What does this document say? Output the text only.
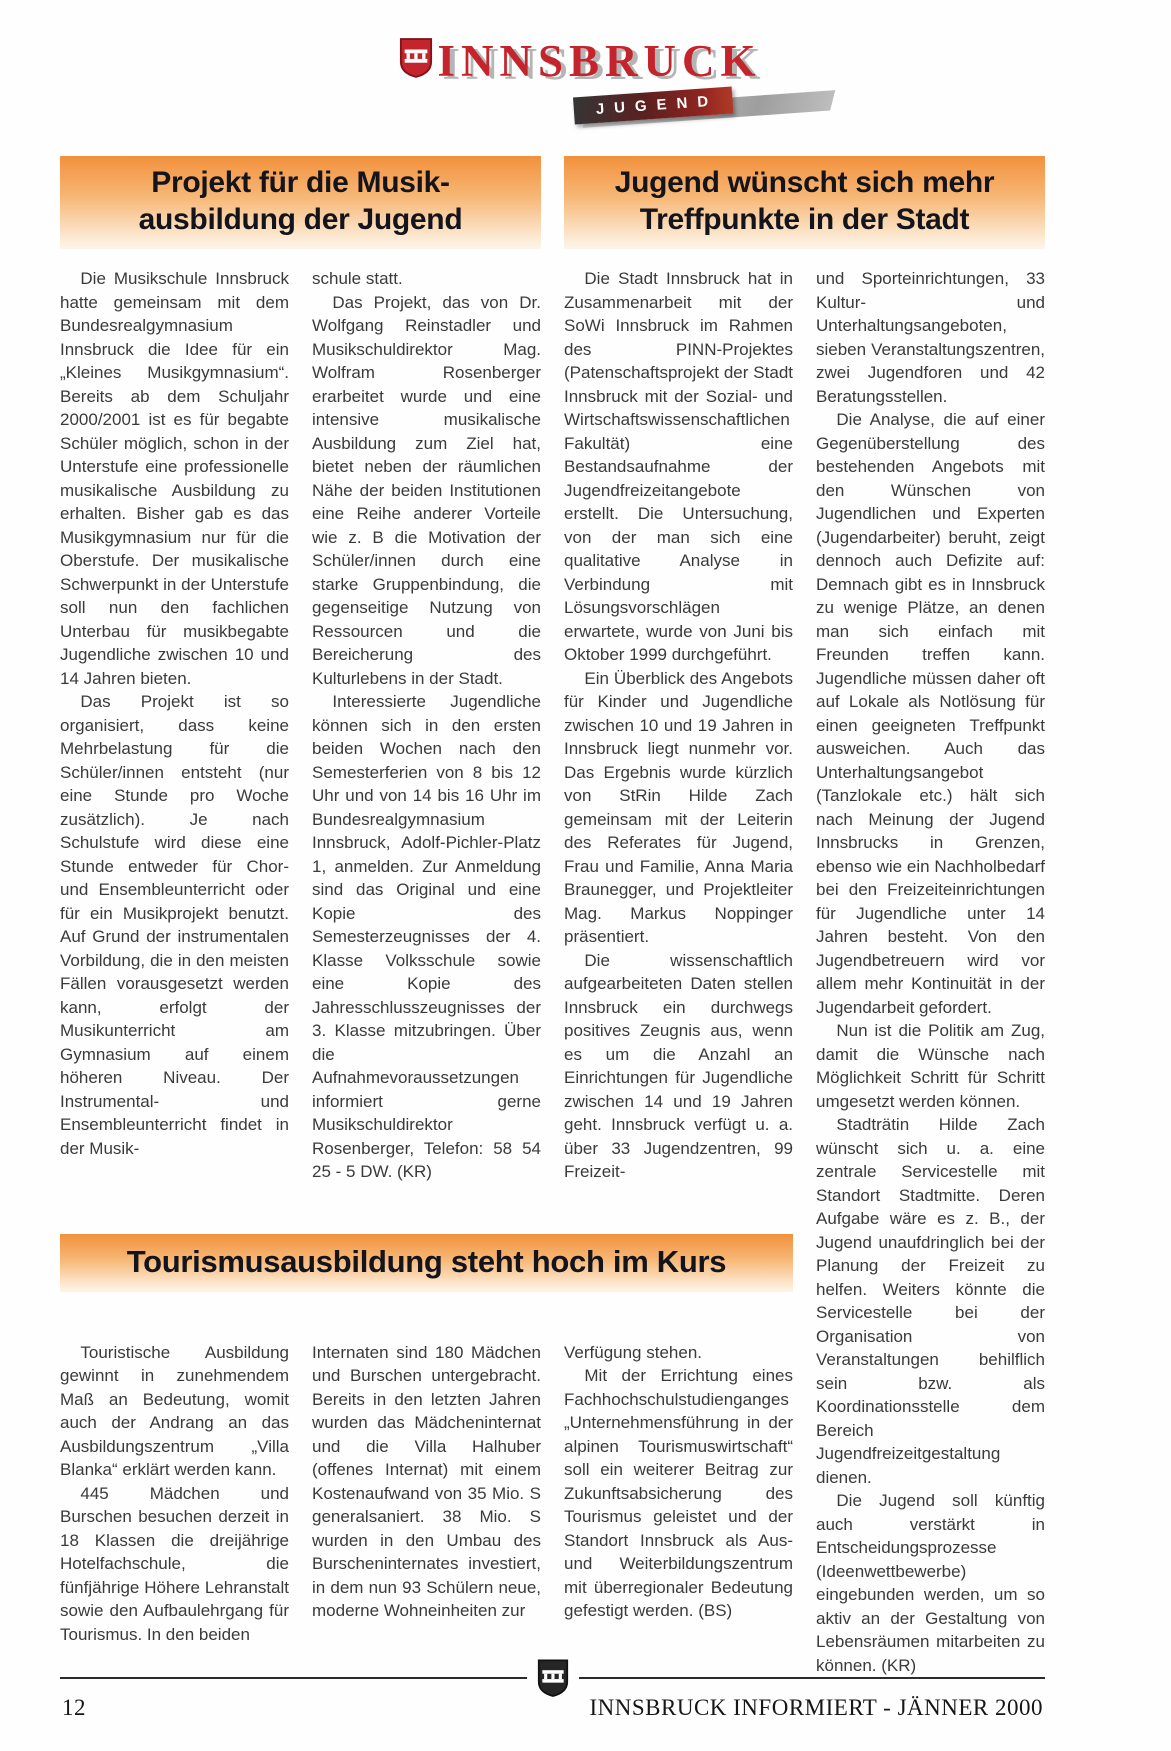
INNSBRUCK
JUGEND
Projekt für die Musik-
ausbildung der Jugend
Jugend wünscht sich mehr
Treffpunkte in der Stadt

Die Musikschule Innsbruck hatte gemeinsam mit dem Bundesrealgymnasium Innsbruck die Idee für ein „Kleines Musikgymnasium“. Bereits ab dem Schuljahr 2000/2001 ist es für begabte Schüler möglich, schon in der Unterstufe eine professionelle musikalische Ausbildung zu erhalten. Bisher gab es das Musikgymnasium nur für die Oberstufe. Der musikalische Schwerpunkt in der Unterstufe soll nun den fachlichen Unterbau für musikbegabte Jugendliche zwischen 10 und 14 Jahren bieten.

Das Projekt ist so organisiert, dass keine Mehrbelastung für die Schüler/innen entsteht (nur eine Stunde pro Woche zusätzlich). Je nach Schulstufe wird diese eine Stunde entweder für Chor- und Ensembleunterricht oder für ein Musikprojekt benutzt. Auf Grund der instrumentalen Vorbildung, die in den meisten Fällen vorausgesetzt werden kann, erfolgt der Musikunterricht am Gymnasium auf einem höheren Niveau. Der Instrumental- und Ensembleunterricht findet in der Musik-

schule statt.

Das Projekt, das von Dr. Wolfgang Reinstadler und Musikschuldirektor Mag. Wolfram Rosenberger erarbeitet wurde und eine intensive musikalische Ausbildung zum Ziel hat, bietet neben der räumlichen Nähe der beiden Institutionen eine Reihe anderer Vorteile wie z. B die Motivation der Schüler/innen durch eine starke Gruppenbindung, die gegenseitige Nutzung von Ressourcen und die Bereicherung des Kulturlebens in der Stadt.

Interessierte Jugendliche können sich in den ersten beiden Wochen nach den Semesterferien von 8 bis 12 Uhr und von 14 bis 16 Uhr im Bundesrealgymnasium Innsbruck, Adolf-Pichler-Platz 1, anmelden. Zur Anmeldung sind das Original und eine Kopie des Semesterzeugnisses der 4. Klasse Volksschule sowie eine Kopie des Jahresschlusszeugnisses der 3. Klasse mitzubringen. Über die Aufnahmevoraussetzungen informiert gerne Musikschuldirektor Rosenberger, Telefon: 58 54 25 - 5 DW. (KR)

Die Stadt Innsbruck hat in Zusammenarbeit mit der SoWi Innsbruck im Rahmen des PINN-Projektes (Patenschaftsprojekt der Stadt Innsbruck mit der Sozial- und Wirtschaftswissenschaftlichen Fakultät) eine Bestandsaufnahme der Jugendfreizeitangebote erstellt. Die Untersuchung, von der man sich eine qualitative Analyse in Verbindung mit Lösungsvorschlägen erwartete, wurde von Juni bis Oktober 1999 durchgeführt.

Ein Überblick des Angebots für Kinder und Jugendliche zwischen 10 und 19 Jahren in Innsbruck liegt nunmehr vor. Das Ergebnis wurde kürzlich von StRin Hilde Zach gemeinsam mit der Leiterin des Referates für Jugend, Frau und Familie, Anna Maria Braunegger, und Projektleiter Mag. Markus Noppinger präsentiert.

Die wissenschaftlich aufgearbeiteten Daten stellen Innsbruck ein durchwegs positives Zeugnis aus, wenn es um die Anzahl an Einrichtungen für Jugendliche zwischen 14 und 19 Jahren geht. Innsbruck verfügt u. a. über 33 Jugendzentren, 99 Freizeit-

und Sporteinrichtungen, 33 Kultur- und Unterhaltungsangeboten, sieben Veranstaltungszentren, zwei Jugendforen und 42 Beratungsstellen.

Die Analyse, die auf einer Gegenüberstellung des bestehenden Angebots mit den Wünschen von Jugendlichen und Experten (Jugendarbeiter) beruht, zeigt dennoch auch Defizite auf: Demnach gibt es in Innsbruck zu wenige Plätze, an denen man sich einfach mit Freunden treffen kann. Jugendliche müssen daher oft auf Lokale als Notlösung für einen geeigneten Treffpunkt ausweichen. Auch das Unterhaltungsangebot (Tanzlokale etc.) hält sich nach Meinung der Jugend Innsbrucks in Grenzen, ebenso wie ein Nachholbedarf bei den Freizeiteinrichtungen für Jugendliche unter 14 Jahren besteht. Von den Jugendbetreuern wird vor allem mehr Kontinuität in der Jugendarbeit gefordert.

Nun ist die Politik am Zug, damit die Wünsche nach Möglichkeit Schritt für Schritt umgesetzt werden können.

Stadträtin Hilde Zach wünscht sich u. a. eine zentrale Servicestelle mit Standort Stadtmitte. Deren Aufgabe wäre es z. B., der Jugend unaufdringlich bei der Planung der Freizeit zu helfen. Weiters könnte die Servicestelle bei der Organisation von Veranstaltungen behilflich sein bzw. als Koordinationsstelle dem Bereich Jugendfreizeitgestaltung dienen.

Die Jugend soll künftig auch verstärkt in Entscheidungsprozesse (Ideenwettbewerbe) eingebunden werden, um so aktiv an der Gestaltung von Lebensräumen mitarbeiten zu können. (KR)

Tourismusausbildung steht hoch im Kurs

Touristische Ausbildung gewinnt in zunehmendem Maß an Bedeutung, womit auch der Andrang an das Ausbildungszentrum „Villa Blanka“ erklärt werden kann.

445 Mädchen und Burschen besuchen derzeit in 18 Klassen die dreijährige Hotelfachschule, die fünfjährige Höhere Lehranstalt sowie den Aufbaulehrgang für Tourismus. In den beiden

Internaten sind 180 Mädchen und Burschen untergebracht. Bereits in den letzten Jahren wurden das Mädcheninternat und die Villa Halhuber (offenes Internat) mit einem Kostenaufwand von 35 Mio. S generalsaniert. 38 Mio. S wurden in den Umbau des Burscheninternates investiert, in dem nun 93 Schülern neue, moderne Wohneinheiten zur

Verfügung stehen.

Mit der Errichtung eines Fachhochschulstudienganges „Unternehmensführung in der alpinen Tourismuswirtschaft“ soll ein weiterer Beitrag zur Zukunftsabsicherung des Tourismus geleistet und der Standort Innsbruck als Aus- und Weiterbildungszentrum mit überregionaler Bedeutung gefestigt werden. (BS)

12	INNSBRUCK INFORMIERT - JÄNNER 2000
